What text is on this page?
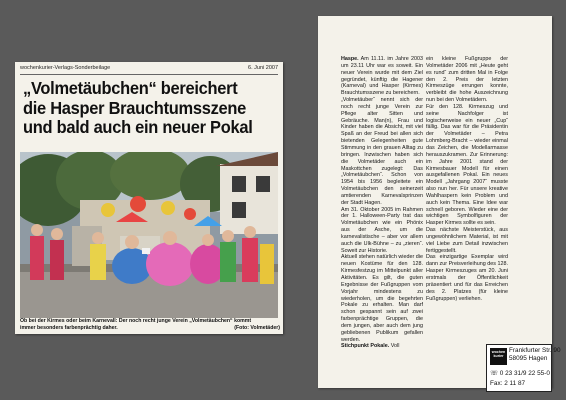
wochenkurier-Verlags-Sonderbeilage	6. Juni 2007
„Volmetäubchen“ bereichert
die Hasper Brauchtumsszene
und bald auch ein neuer Pokal
Ob bei der Kirmes oder beim Karnevall: Der noch recht junge Verein „Volmetäubchen“ kommt
immer besonders farbenprächtig daher.	(Foto: Volmetäder)

Haspe. Am 11.11. im Jahre 2003 um 23.11 Uhr war es soweit. Ein neuer Verein wurde mit dem Ziel gegründet, künftig die Hagener (Karneval) und Hasper (Kirmes) Brauchtumsszene zu bereichern.

„Volmetäuber“ nennt sich der noch recht junge Verein zur Pflege alter Sitten und Gebräuche. Man(n), Frau und Kinder haben die Absicht, mit viel Spaß an der Freud bei allen sich bietenden Gelegenheiten gute Stimmung in den grauen Alltag zu bringen. Inzwischen haben sich die Volmetäder auch ein Maskottchen zugelegt: Das „Volmetäubchen“. Schon von 1954 bis 1956 begleitete ein Volmetäubchen den seinerzeit amtierenden Karnevalsprinzen der Stadt Hagen.

Am 31. Oktober 2005 im Rahmen der 1. Halloween-Party trat das Volmetäubchen wie ein Phönix aus der Asche, um die karnevalistische – aber vor allem auch die Ulk-Bühne – zu „zieren“. Soweit zur Historie.

Aktuell stehen natürlich wieder die neuen Kostüme für den 128. Kirmesfestzug im Mittelpunkt aller Aktivitäten. Es gilt, die guten Ergebnisse der Fußgruppen vom Vorjahr mindestens zu wiederholen, um die begehrten Pokale zu erhalten. Man darf schon gespannt sein auf zwei farbenprächtige Gruppen, die dem jungen, aber auch dem jung gebliebenen Publikum gefallen werden.

Stichpunkt Pokale. Voll

ein kleine Fußgruppe der Volmetäder 2006 mit „Heute geht es rund“ zum dritten Mal in Folge den 2. Preis der letzten Kirmeszüge errungen konnte, verbleibt die hohe Auszeichnung nun bei den Volmetädern.

Für den 128. Kirmeszug und seine Nachfolger ist logischerweise ein neuer „Cup“ fällig. Das war für die Präsidentin der Volmetäder – Petra Lohmberg-Bracht – wieder einmal das Zeichen, die Modellarmasse herauszukramen. Zur Erinnerung: im Jahre 2001 stand der Kirmesbauer Modell für einen ausgefallenen Pokal. Ein neues Modell „Jahrgang 2007“ musste also nun her. Für unsere kreative Wahlhaspern kein Problem und auch kein Thema. Eine Idee war schnell geboren. Wieder eine der wichtigen Symbolfiguren der Hasper Kirmes sollte es sein.

Das nächste Meisterstück, aus ungewöhnlichem Material, ist mit viel Liebe zum Detail inzwischen fertiggestellt.

Das einzigartige Exemplar wird dann zur Preisverleihung des 128. Hasper Kirmeszuges am 20. Juni erstmals der Öffentlichkeit präsentiert und für das Erreichen des 2. Platzes (für kleine Fußgruppen) verliehen.

wochen kurier
Frankfurter Str. 90
58095 Hagen
☏ 0 23 31/9 22 55-0
Fax: 2 11 87
